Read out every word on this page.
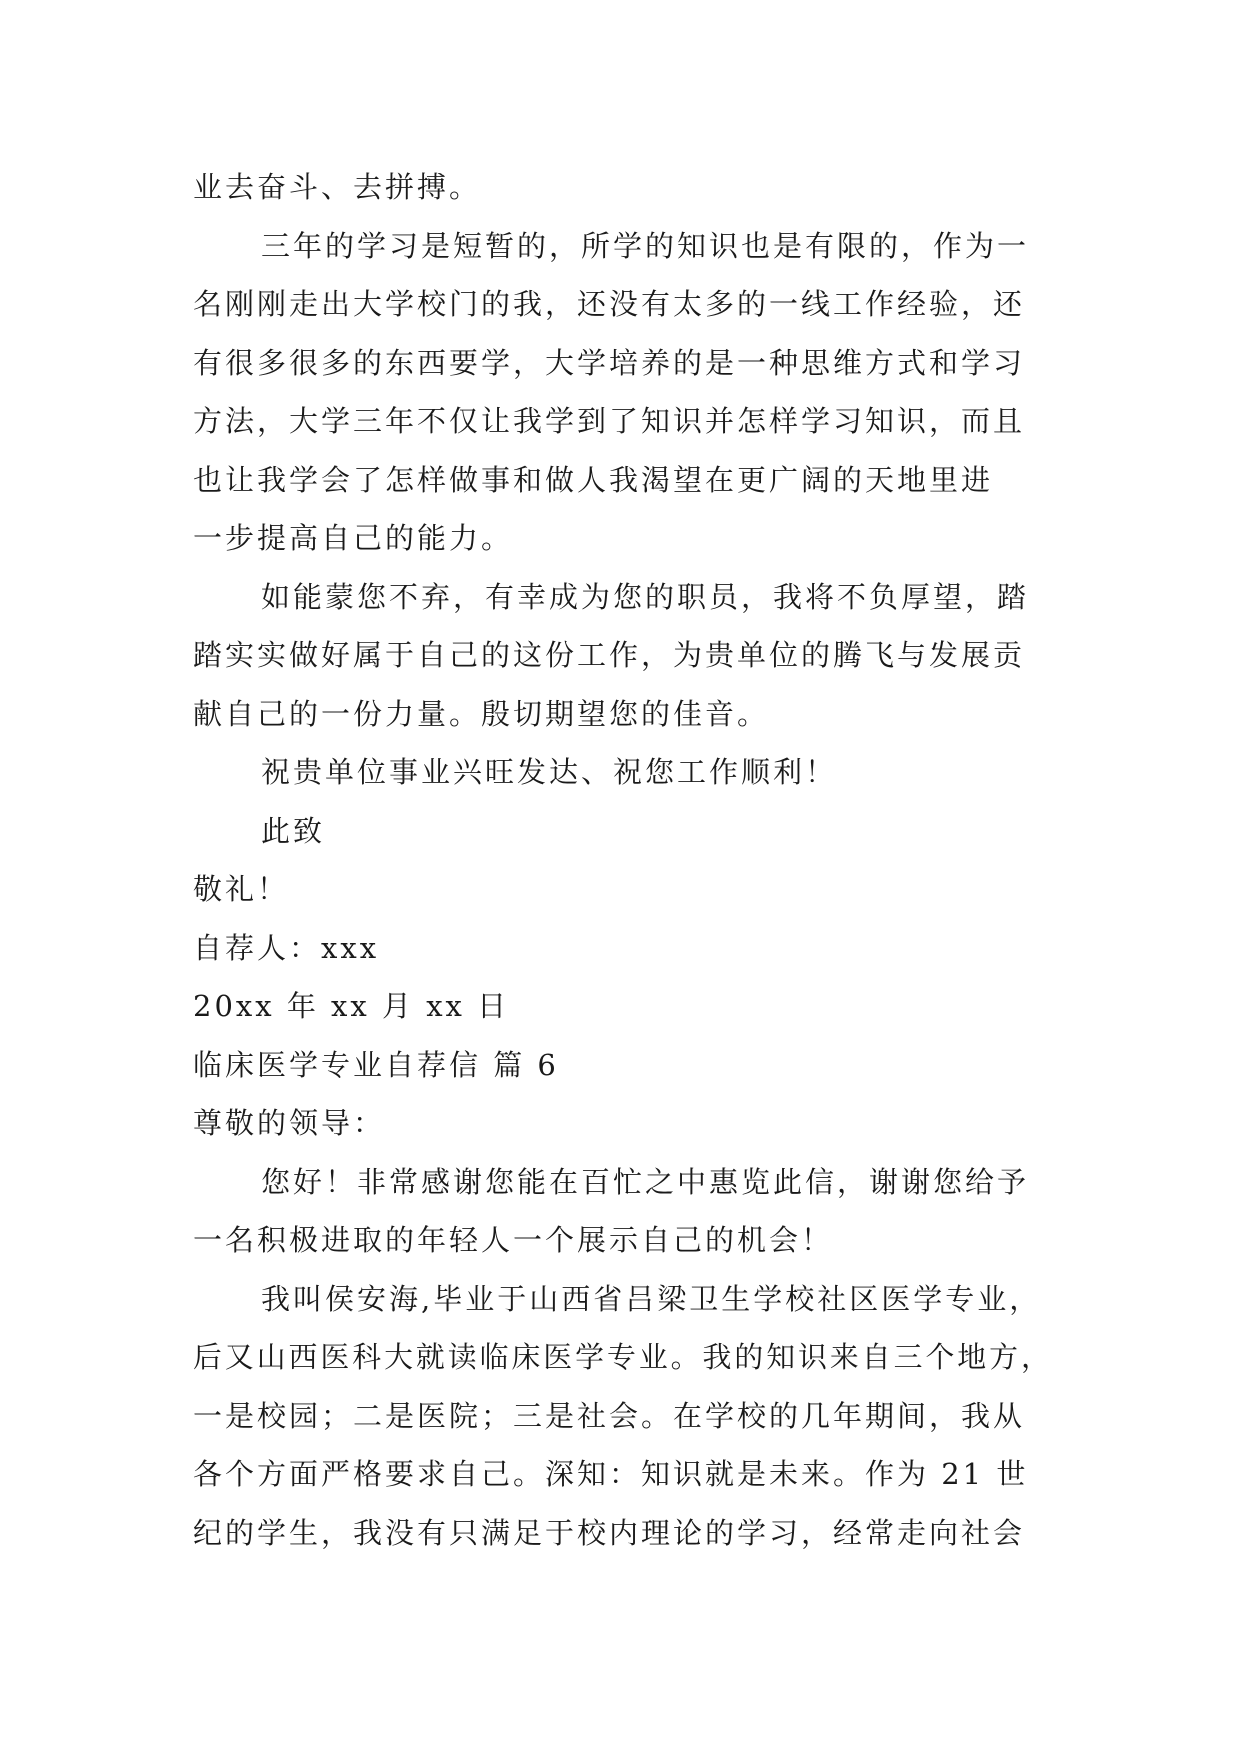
业去奋斗、去拼搏。

三年的学习是短暂的，所学的知识也是有限的，作为一

名刚刚走出大学校门的我，还没有太多的一线工作经验，还

有很多很多的东西要学，大学培养的是一种思维方式和学习

方法，大学三年不仅让我学到了知识并怎样学习知识，而且

也让我学会了怎样做事和做人我渴望在更广阔的天地里进

一步提高自己的能力。

如能蒙您不弃，有幸成为您的职员，我将不负厚望，踏

踏实实做好属于自己的这份工作，为贵单位的腾飞与发展贡

献自己的一份力量。殷切期望您的佳音。

祝贵单位事业兴旺发达、祝您工作顺利！

此致

敬礼！

自荐人：xxx

20xx 年 xx 月 xx 日

临床医学专业自荐信 篇 6

尊敬的领导：

您好！非常感谢您能在百忙之中惠览此信，谢谢您给予

一名积极进取的年轻人一个展示自己的机会！

我叫侯安海,毕业于山西省吕梁卫生学校社区医学专业，

后又山西医科大就读临床医学专业。我的知识来自三个地方，

一是校园；二是医院；三是社会。在学校的几年期间，我从

各个方面严格要求自己。深知：知识就是未来。作为 21 世

纪的学生，我没有只满足于校内理论的学习，经常走向社会
